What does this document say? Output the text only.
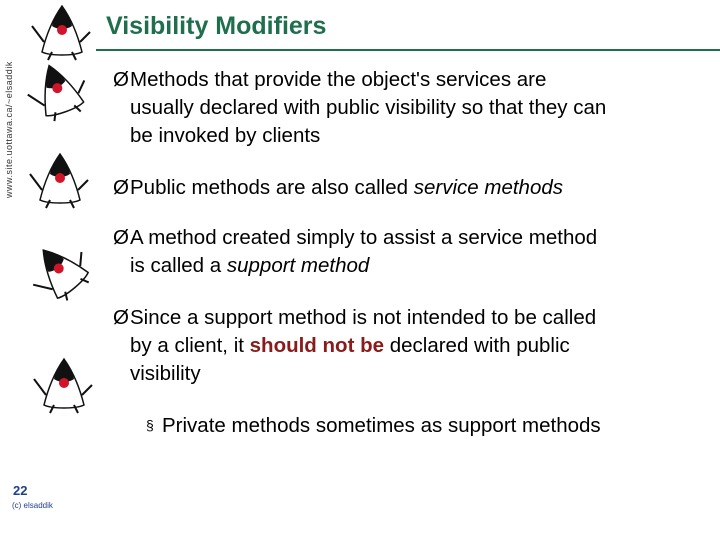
www.site.uottawa.ca/~elsaddik
Visibility Modifiers
ØMethods that provide the object's services are
usually declared with public visibility so that they can
be invoked by clients
ØPublic methods are also called service methods
ØA method created simply to assist a service method
is called a support method
ØSince a support method is not intended to be called
by a client, it should not be declared with public
visibility
§ Private methods sometimes as support methods
22
(c) elsaddik
